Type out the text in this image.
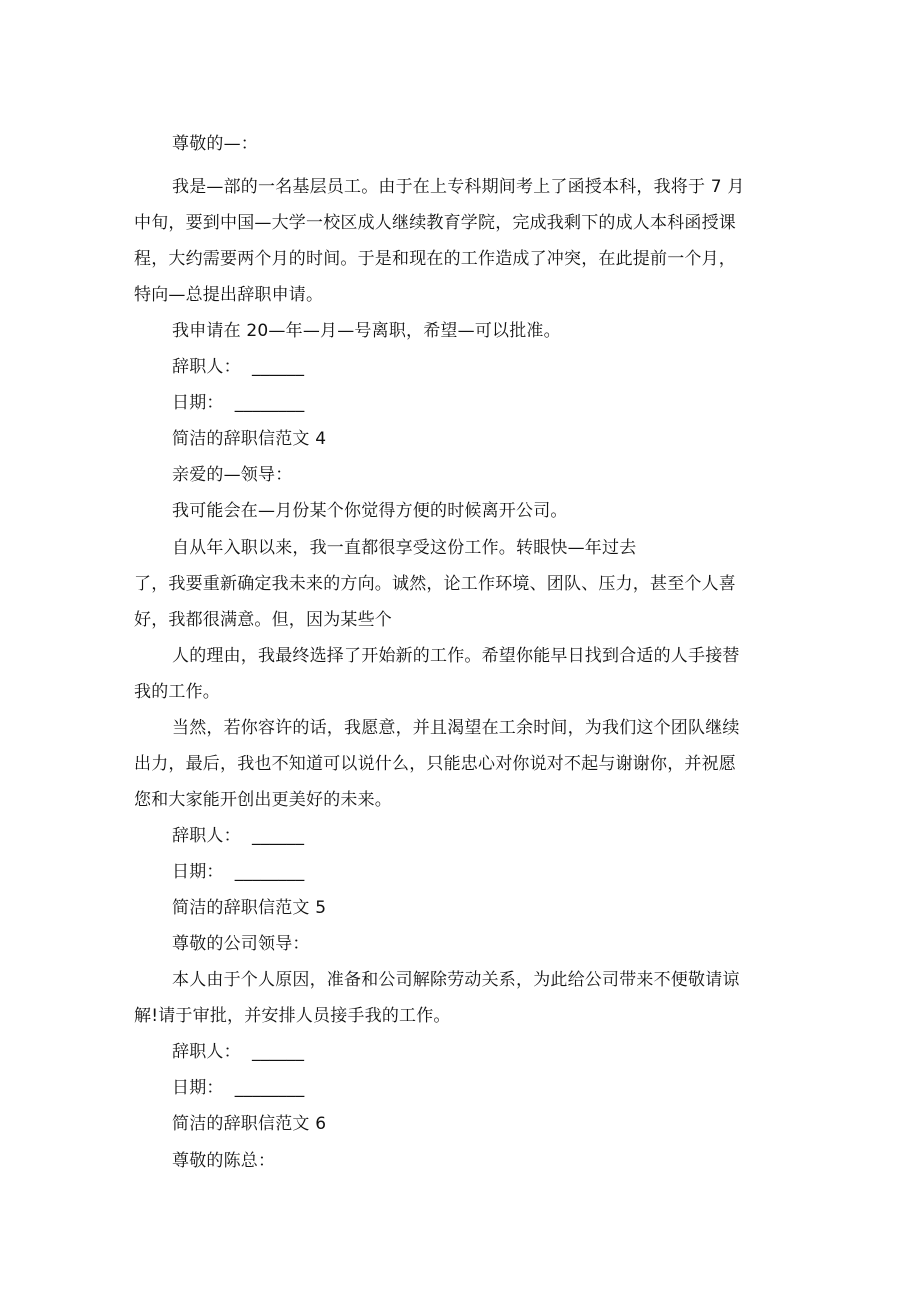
尊敬的—：
我是—部的一名基层员工。由于在上专科期间考上了函授本科，我将于 7 月
中旬，要到中国—大学一校区成人继续教育学院，完成我剩下的成人本科函授课
程，大约需要两个月的时间。于是和现在的工作造成了冲突，在此提前一个月，
特向—总提出辞职申请。
我申请在 20—年—月—号离职，希望—可以批准。
辞职人：  ______
日期：  ________
简洁的辞职信范文 4
亲爱的—领导：
我可能会在—月份某个你觉得方便的时候离开公司。
自从年入职以来，我一直都很享受这份工作。转眼快—年过去
了，我要重新确定我未来的方向。诚然，论工作环境、团队、压力，甚至个人喜
好，我都很满意。但，因为某些个
人的理由，我最终选择了开始新的工作。希望你能早日找到合适的人手接替
我的工作。
当然，若你容许的话，我愿意，并且渴望在工余时间，为我们这个团队继续
出力，最后，我也不知道可以说什么，只能忠心对你说对不起与谢谢你，并祝愿
您和大家能开创出更美好的未来。
辞职人：  ______
日期：  ________
简洁的辞职信范文 5
尊敬的公司领导：
本人由于个人原因，准备和公司解除劳动关系，为此给公司带来不便敬请谅
解!请于审批，并安排人员接手我的工作。
辞职人：  ______
日期：  ________
简洁的辞职信范文 6
尊敬的陈总：
